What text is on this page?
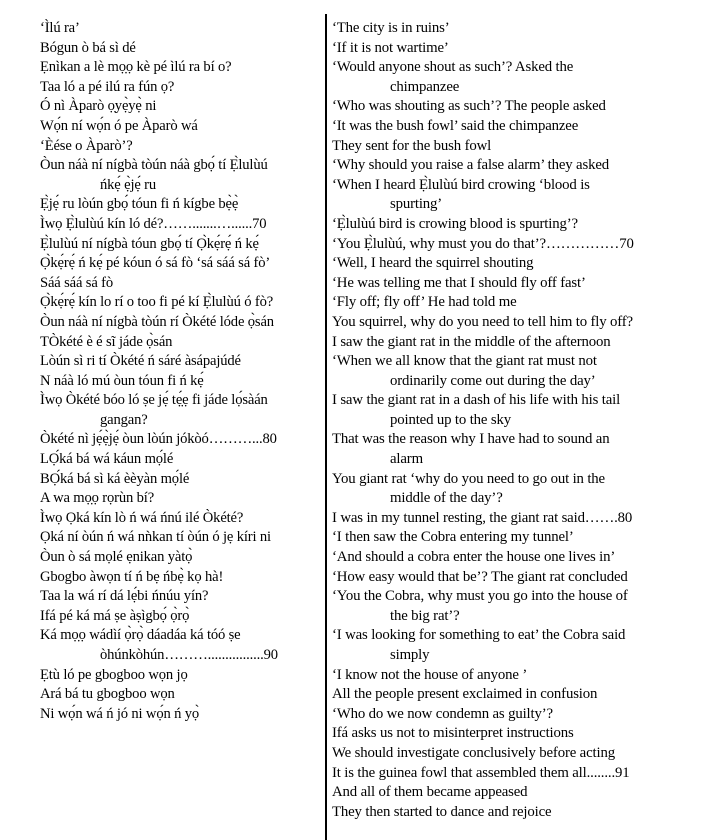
‘Ìlú ra’
Bógun ò bá sì dé
Ẹnìkan a lè mọ̣ọ kè pé ìlú ra bí o?
Taa ló a pé ilú ra fún ọ?
Ó nì Àparò ọ̣yẹ̀yẹ̀ ni
Wọ́n ní wọ́n ó pe Àparò wá
‘Èése o Àparò’?
Òun náà ní nígbà tòún náà gbọ́ tí Ẹ̀lulùú
ńkẹ́ ẹ̀jẹ́ ru
Ẹ̀jẹ́ ru lòún gbọ́ tóun fi ń kígbe bẹ̀ẹ̀
Ìwọ Ẹ̀lulùú kín ló dé?…….......…......70
Ẹ̀lulùú ní nígbà tóun gbọ́ tí Ọ̀kẹ́rẹ́ ń kẹ́
Ọ̀kẹ́rẹ́ ń kẹ́ pé kóun ó sá fò ‘sá sáá sá fò’
Sáá sáá sá fò
Ọ̀kẹ́rẹ́ kín lo rí o too fi pé kí Ẹ̀lulùú ó fò?
Òun náà ní nígbà tòún rí Òkété lóde ọ̀sán
TÒkété è é sĩ jáde ọ̀sán
Lòún sì ri tí Òkété ń sáré àsápajúdé
N náà ló mú òun tóun fi ń kẹ́
Ìwọ Òkété bóo ló ṣe jẹ́ tẹ̣́ẹ fi jáde lọ́sàán
gangan?
Òkété nì jẹ́ẹ̀jẹ́ òun lòún jókòó………...80
LỌ́ká bá wá káun mọ́lé
BỌ́ká bá sì ká èèyàn mọ́lé
A wa mọ̣ọ rọrùn bí?
Ìwọ Ọká kín lò ń wá ńnú ilé Òkété?
Ọká ní òún ń wá nǹkan tí òún ó jẹ kíri ni
Òun ò sá mọlé ẹnikan yàtọ̀
Gbogbo àwọn tí ń bẹ ńbẹ̀ kọ hà!
Taa la wá rí dá lẹ́bi ńnúu yín?
Ifá pé ká má ṣe àṣìgbọ́ ọ̀rọ̀
Ká mọ̣ọ wádìí ọ̀rọ̀ dáadáa ká tóó ṣe
òhúnkòhún………................90
Ẹtù ló pe gbogboo wọn jọ
Ará bá tu gbogboo wọn
Ni wọ́n wá ń jó ni wọ́n ń yọ̀
‘The city is in ruins’
‘If it is not wartime’
‘Would anyone shout as such’? Asked the
chimpanzee
‘Who was shouting as such’? The people asked
‘It was the bush fowl’ said the chimpanzee
They sent for the bush fowl
‘Why should you raise a false alarm’ they asked
‘When I heard Ẹ̀lulùú bird crowing ‘blood is
spurting’
‘Ẹ̀lulùú bird is crowing blood is spurting’?
‘You Ẹ̀lulùú, why must you do that’?……………70
‘Well, I heard the squirrel shouting
‘He was telling me that I should fly off fast’
‘Fly off; fly off’ He had told me
You squirrel, why do you need to tell him to fly off?
I saw the giant rat in the middle of the afternoon
‘When we all know that the giant rat must not
ordinarily come out during the day’
I saw the giant rat in a dash of his life with his tail
pointed up to the sky
That was the reason why I have had to sound an
alarm
You giant rat ‘why do you need to go out in the
middle of the day’?
I was in my tunnel resting, the giant rat said…….80
‘I then saw the Cobra entering my tunnel’
‘And should a cobra enter the house one lives in’
‘How easy would that be’? The giant rat concluded
‘You the Cobra, why must you go into the house of
the big rat’?
‘I was looking for something to eat’ the Cobra said
simply
‘I know not the house of anyone ’
All the people present exclaimed in confusion
‘Who do we now condemn as guilty’?
Ifá asks us not to misinterpret instructions
We should investigate conclusively before acting
It is the guinea fowl that assembled them all........91
And all of them became appeased
They then started to dance and rejoice
